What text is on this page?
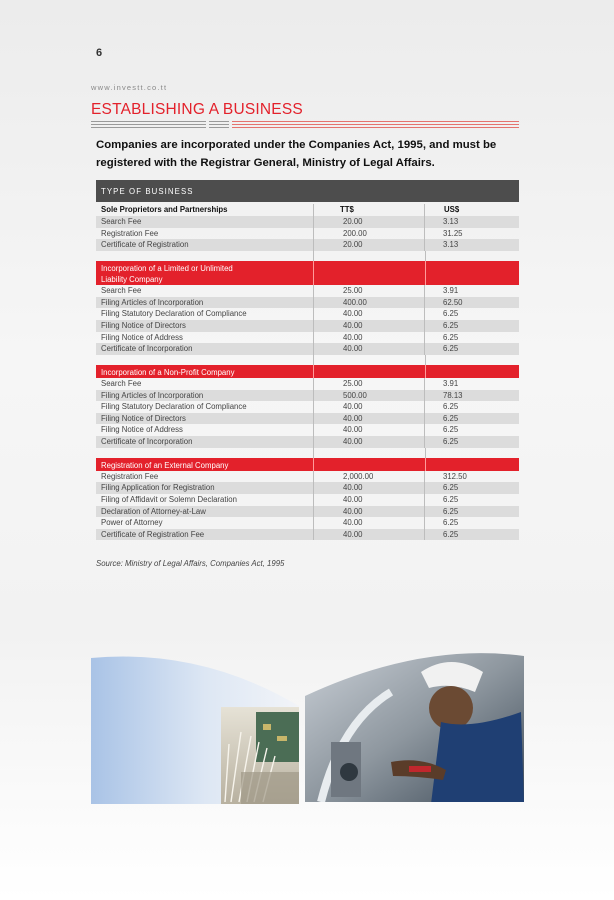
6
www.investt.co.tt
ESTABLISHING A BUSINESS
Companies are incorporated under the Companies Act, 1995, and must be registered with the Registrar General, Ministry of Legal Affairs.
TYPE OF BUSINESS
Sole Proprietors and Partnerships	TT$	US$
Search Fee	20.00	3.13
Registration Fee	200.00	31.25
Certificate of Registration	20.00	3.13
Incorporation of a Limited or Unlimited
Liability Company
Search Fee	25.00	3.91
Filing Articles of Incorporation	400.00	62.50
Filing Statutory Declaration of Compliance	40.00	6.25
Filing Notice of Directors	40.00	6.25
Filing Notice of Address	40.00	6.25
Certificate of Incorporation	40.00	6.25
Incorporation of a Non-Profit Company
Search Fee	25.00	3.91
Filing Articles of Incorporation	500.00	78.13
Filing Statutory Declaration of Compliance	40.00	6.25
Filing Notice of Directors	40.00	6.25
Filing Notice of Address	40.00	6.25
Certificate of Incorporation	40.00	6.25
Registration of an External Company
Registration Fee	2,000.00	312.50
Filing Application for Registration	40.00	6.25
Filing of Affidavit or Solemn Declaration	40.00	6.25
Declaration of Attorney-at-Law	40.00	6.25
Power of Attorney	40.00	6.25
Certificate of Registration Fee	40.00	6.25
Source: Ministry of Legal Affairs, Companies Act, 1995
